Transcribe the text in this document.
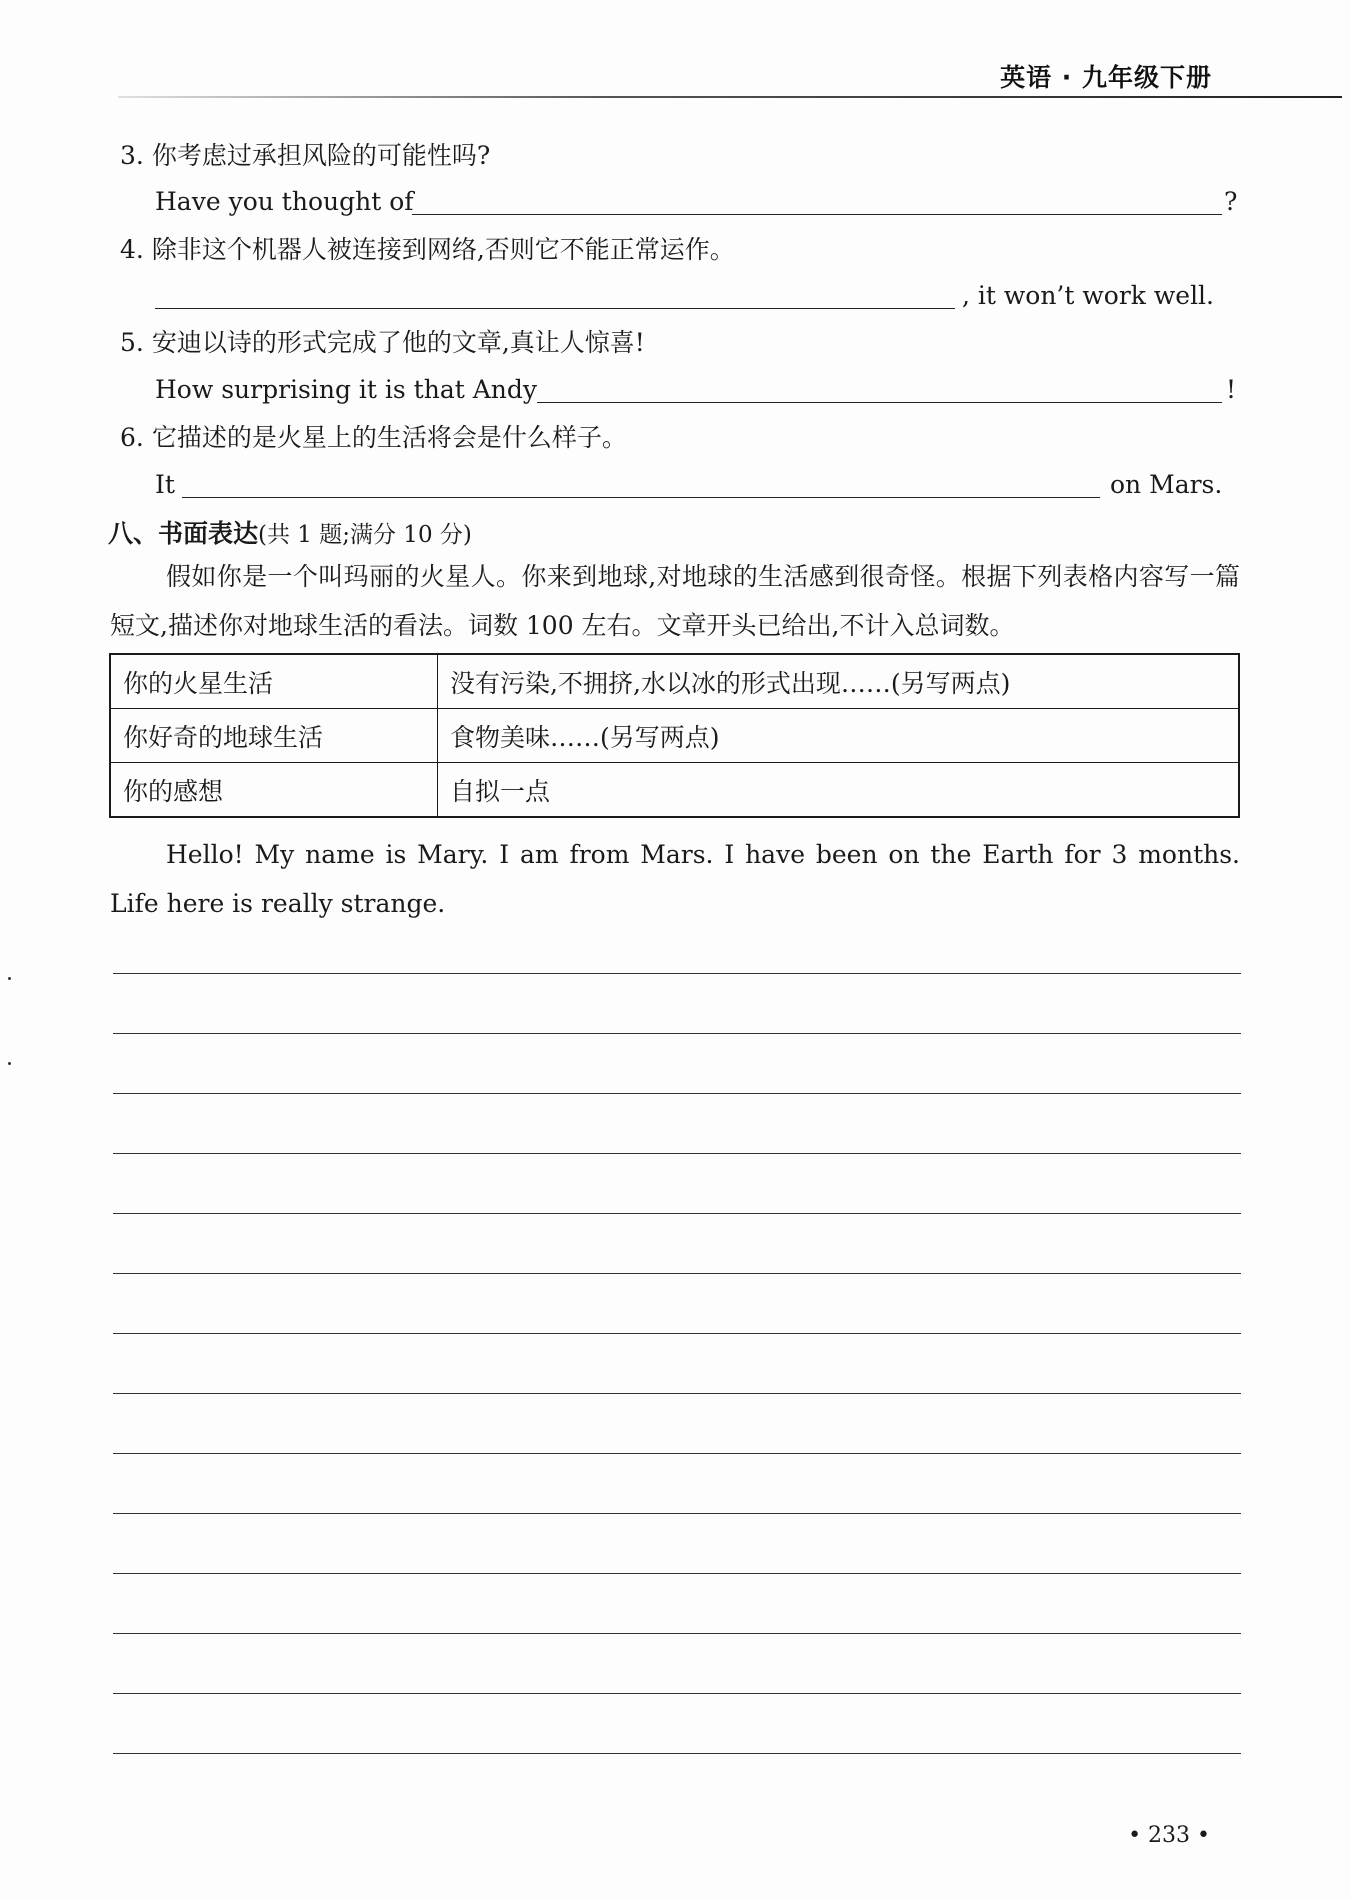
英语 · 九年级下册
3. 你考虑过承担风险的可能性吗?
Have you thought of	?
4. 除非这个机器人被连接到网络,否则它不能正常运作。
, it won’t work well.
5. 安迪以诗的形式完成了他的文章,真让人惊喜!
How surprising it is that Andy	!
6. 它描述的是火星上的生活将会是什么样子。
It	on Mars.
八、书面表达(共 1 题;满分 10 分)
假如你是一个叫玛丽的火星人。你来到地球,对地球的生活感到很奇怪。根据下列表格内容写一篇短文,描述你对地球生活的看法。词数 100 左右。文章开头已给出,不计入总词数。
你的火星生活	没有污染,不拥挤,水以冰的形式出现……(另写两点)
你好奇的地球生活	食物美味……(另写两点)
你的感想	自拟一点
Hello! My name is Mary. I am from Mars. I have been on the Earth for 3 months. Life here is really strange.
• 233 •
